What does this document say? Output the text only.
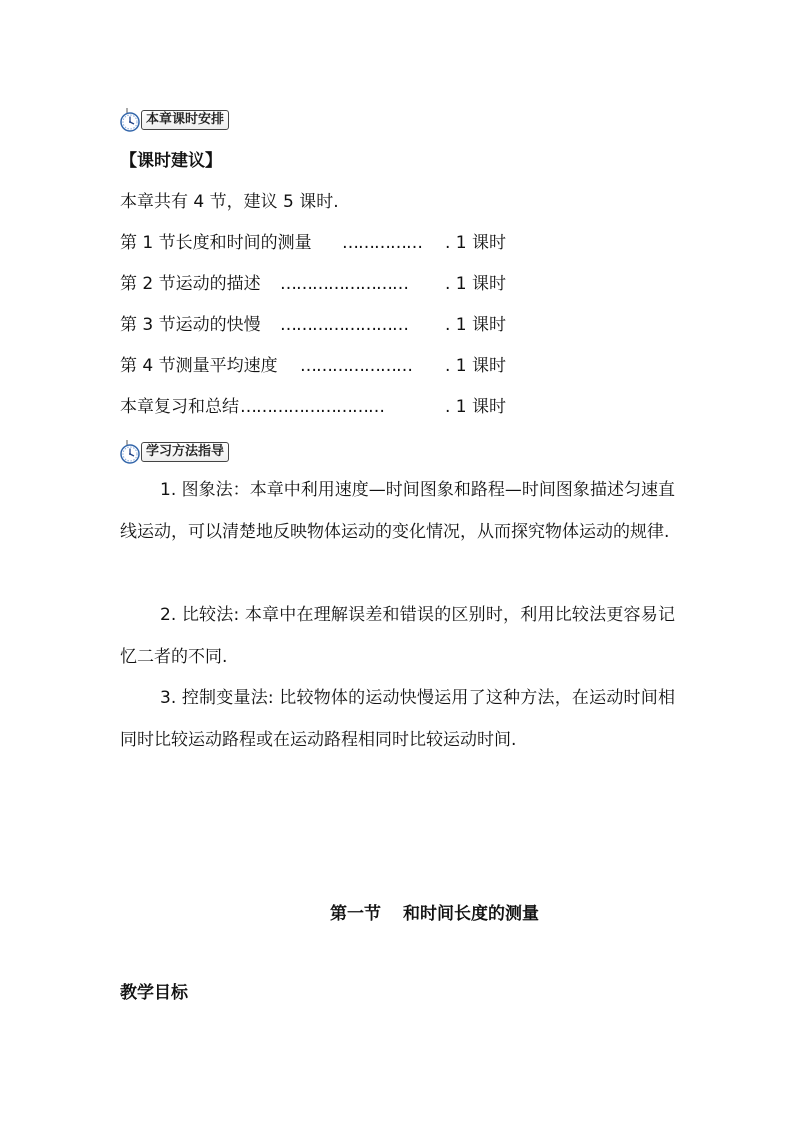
本章课时安排
【课时建议】
本章共有 4 节，建议 5 课时.
第 1 节长度和时间的测量 ……………	. 1 课时
第 2 节运动的描述 ……………………	. 1 课时
第 3 节运动的快慢 ……………………	. 1 课时
第 4 节测量平均速度 …………………	. 1 课时
本章复习和总结 ………………………	. 1 课时
学习方法指导
1. 图象法：本章中利用速度—时间图象和路程—时间图象描述匀速直线运动，可以清楚地反映物体运动的变化情况，从而探究物体运动的规律.
2. 比较法: 本章中在理解误差和错误的区别时，利用比较法更容易记忆二者的不同.
3. 控制变量法: 比较物体的运动快慢运用了这种方法，在运动时间相同时比较运动路程或在运动路程相同时比较运动时间.
第一节 和时间长度的测量
教学目标
